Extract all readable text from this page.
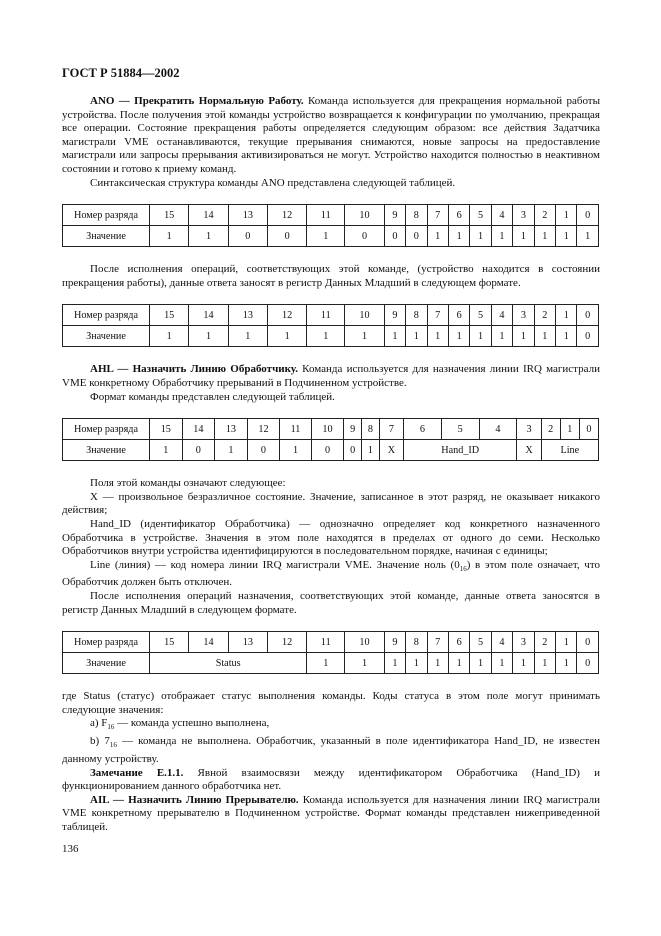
ГОСТ Р 51884—2002

ANO — Прекратить Нормальную Работу. Команда используется для прекращения нормальной работы устройства. После получения этой команды устройство возвращается к конфигурации по умолчанию, прекращая все операции. Состояние прекращения работы определяется следующим образом: все действия Задатчика магистрали VME останавливаются, текущие прерывания снимаются, новые запросы на предоставление магистрали или запросы прерывания активизироваться не могут. Устройство находится полностью в неактивном состоянии и готово к приему команд.

Синтаксическая структура команды ANO представлена следующей таблицей.

Номер разряда	15	14	13	12	11	10	9	8	7	6	5	4	3	2	1	0
Значение	1	1	0	0	1	0	0	0	1	1	1	1	1	1	1	1

После исполнения операций, соответствующих этой команде, (устройство находится в состоянии прекращения работы), данные ответа заносят в регистр Данных Младший в следующем формате.

Номер разряда	15	14	13	12	11	10	9	8	7	6	5	4	3	2	1	0
Значение	1	1	1	1	1	1	1	1	1	1	1	1	1	1	1	0

AHL — Назначить Линию Обработчику. Команда используется для назначения линии IRQ магистрали VME конкретному Обработчику прерываний в Подчиненном устройстве.

Формат команды представлен следующей таблицей.

Номер разряда	15	14	13	12	11	10	9	8	7	6	5	4	3	2	1	0
Значение	1	0	1	0	1	0	0	1	X	Hand_ID			X	Line		

Поля этой команды означают следующее:

X — произвольное безразличное состояние. Значение, записанное в этот разряд, не оказывает никакого действия;

Hand_ID (идентификатор Обработчика) — однозначно определяет код конкретного назначенного Обработчика в устройстве. Значения в этом поле находятся в пределах от одного до семи. Несколько Обработчиков внутри устройства идентифицируются в последовательном порядке, начиная с единицы;

Line (линия) — код номера линии IRQ магистрали VME. Значение ноль $(0_{16})$ в этом поле означает, что Обработчик должен быть отключен.

После исполнения операций назначения, соответствующих этой команде, данные ответа заносятся в регистр Данных Младший в следующем формате.

Номер разряда	15	14	13	12	11	10	9	8	7	6	5	4	3	2	1	0
Значение	Status				1	1	1	1	1	1	1	1	1	1	1	0

где Status (статус) отображает статус выполнения команды. Коды статуса в этом поле могут принимать следующие значения:

a) $F_{16}$ — команда успешно выполнена,

b) $7_{16}$ — команда не выполнена. Обработчик, указанный в поле идентификатора Hand_ID, не известен данному устройству.

Замечание Е.1.1. Явной взаимосвязи между идентификатором Обработчика (Hand_ID) и функционированием данного обработчика нет.

AIL — Назначить Линию Прерывателю. Команда используется для назначения линии IRQ магистрали VME конкретному прерывателю в Подчиненном устройстве. Формат команды представлен нижеприведенной таблицей.

136
